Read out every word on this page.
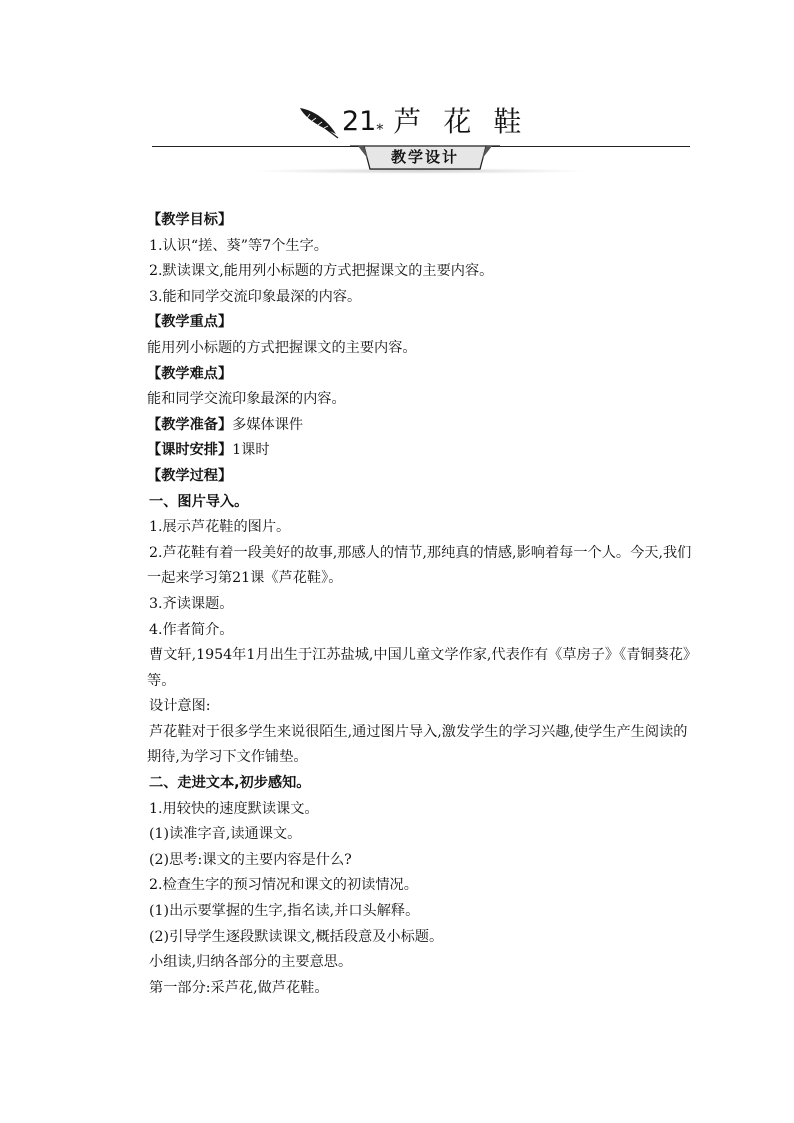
21 * 芦花鞋
教学设计

【教学目标】

1.认识“搓、葵”等7个生字。

2.默读课文,能用列小标题的方式把握课文的主要内容。

3.能和同学交流印象最深的内容。

【教学重点】

能用列小标题的方式把握课文的主要内容。

【教学难点】

能和同学交流印象最深的内容。

【教学准备】多媒体课件

【课时安排】1课时

【教学过程】

一、图片导入。

1.展示芦花鞋的图片。

2.芦花鞋有着一段美好的故事,那感人的情节,那纯真的情感,影响着每一个人。今天,我们一起来学习第21课《芦花鞋》。

3.齐读课题。

4.作者简介。

曹文轩,1954年1月出生于江苏盐城,中国儿童文学作家,代表作有《草房子》《青铜葵花》等。

设计意图:

芦花鞋对于很多学生来说很陌生,通过图片导入,激发学生的学习兴趣,使学生产生阅读的期待,为学习下文作铺垫。

二、走进文本,初步感知。

1.用较快的速度默读课文。

(1)读准字音,读通课文。

(2)思考:课文的主要内容是什么?

2.检查生字的预习情况和课文的初读情况。

(1)出示要掌握的生字,指名读,并口头解释。

(2)引导学生逐段默读课文,概括段意及小标题。

小组读,归纳各部分的主要意思。

第一部分:采芦花,做芦花鞋。
